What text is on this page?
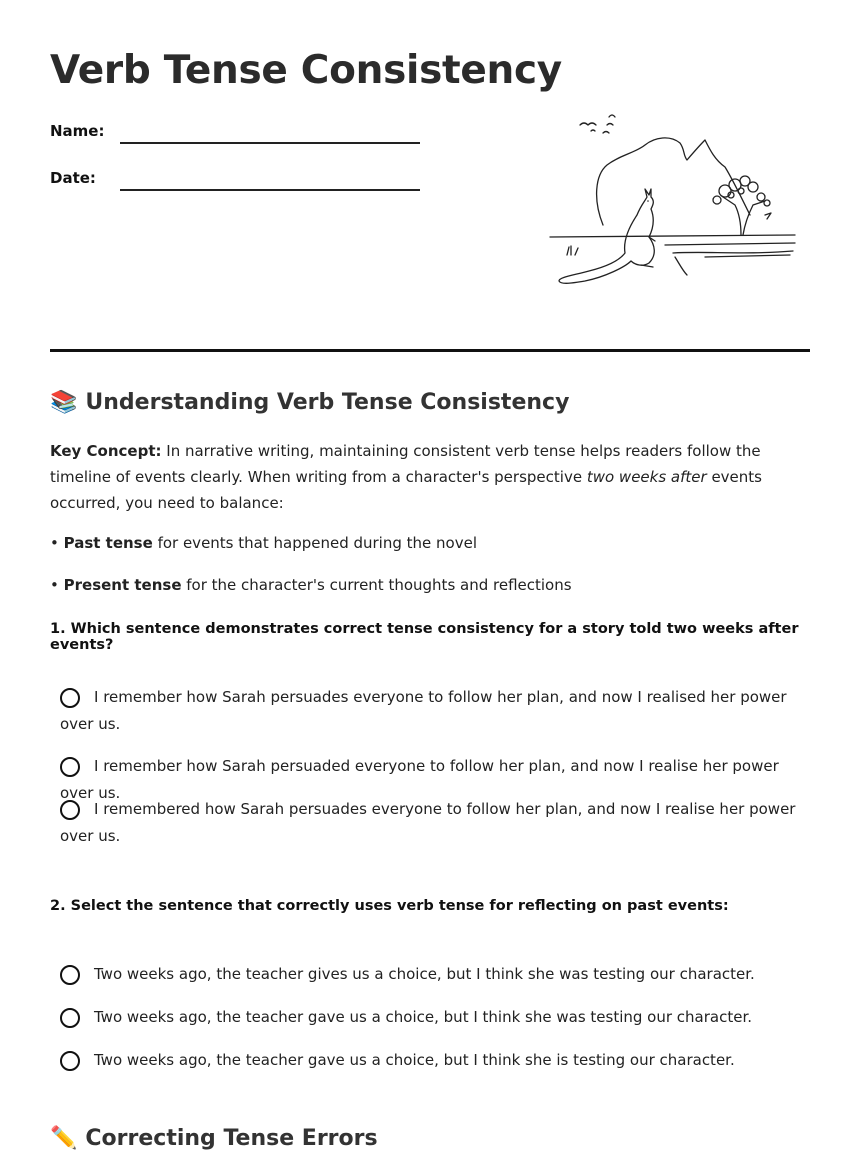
Verb Tense Consistency
Name:
Date:
📚 Understanding Verb Tense Consistency

Key Concept: In narrative writing, maintaining consistent verb tense helps readers follow the timeline of events clearly. When writing from a character's perspective two weeks after events occurred, you need to balance:

• Past tense for events that happened during the novel
• Present tense for the character's current thoughts and reflections
1. Which sentence demonstrates correct tense consistency for a story told two weeks after events?
I remember how Sarah persuades everyone to follow her plan, and now I realised her power over us.
I remember how Sarah persuaded everyone to follow her plan, and now I realise her power over us.
I remembered how Sarah persuades everyone to follow her plan, and now I realise her power over us.
2. Select the sentence that correctly uses verb tense for reflecting on past events:
Two weeks ago, the teacher gives us a choice, but I think she was testing our character.
Two weeks ago, the teacher gave us a choice, but I think she was testing our character.
Two weeks ago, the teacher gave us a choice, but I think she is testing our character.
✏️ Correcting Tense Errors
